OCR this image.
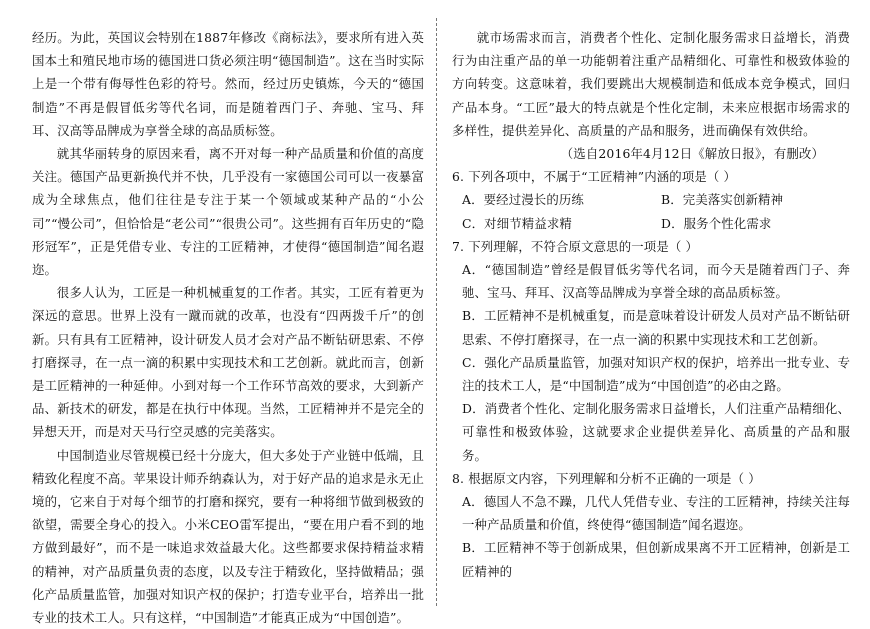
经历。为此，英国议会特别在1887年修改《商标法》，要求所有进入英国本土和殖民地市场的德国进口货必须注明“德国制造”。这在当时实际上是一个带有侮辱性色彩的符号。然而，经过历史镇炼，今天的“德国制造”不再是假冒低劣等代名词，而是随着西门子、奔驰、宝马、拜耳、汉高等品牌成为享誉全球的高品质标签。

就其华丽转身的原因来看，离不开对每一种产品质量和价值的高度关注。德国产品更新换代并不快，几乎没有一家德国公司可以一夜暴富成为全球焦点，他们往往是专注于某一个领域或某种产品的“小公司”“慢公司”，但恰恰是“老公司”“很贵公司”。这些拥有百年历史的“隐形冠军”，正是凭借专业、专注的工匠精神，才使得“德国制造”闻名遐迩。

很多人认为，工匠是一种机械重复的工作者。其实，工匠有着更为深远的意思。世界上没有一蹴而就的改革，也没有“四两拨千斤”的创新。只有具有工匠精神，设计研发人员才会对产品不断钻研思索、不停打磨探寻，在一点一滴的积累中实现技术和工艺创新。就此而言，创新是工匠精神的一种延伸。小到对每一个工作环节高效的要求，大到新产品、新技术的研发，都是在执行中体现。当然，工匠精神并不是完全的异想天开，而是对天马行空灵感的完美落实。

中国制造业尽管规模已经十分庞大，但大多处于产业链中低端，且精致化程度不高。苹果设计师乔纳森认为，对于好产品的追求是永无止境的，它来自于对每个细节的打磨和探究，要有一种将细节做到极致的欲望，需要全身心的投入。小米CEO雷军提出，“要在用户看不到的地方做到最好”，而不是一味追求效益最大化。这些都要求保持精益求精的精神，对产品质量负责的态度，以及专注于精致化，坚持做精品；强化产品质量监管，加强对知识产权的保护；打造专业平台，培养出一批专业的技术工人。只有这样，“中国制造”才能真正成为“中国创造”。

就市场需求而言，消费者个性化、定制化服务需求日益增长，消费行为由注重产品的单一功能朝着注重产品精细化、可靠性和极致体验的方向转变。这意味着，我们要跳出大规模制造和低成本竞争模式，回归产品本身。“工匠”最大的特点就是个性化定制，未来应根据市场需求的多样性，提供差异化、高质量的产品和服务，进而确保有效供给。

（选自2016年4月12日《解放日报》，有删改）

6. 下列各项中，不属于“工匠精神”内涵的项是（ ）

A．要经过漫长的历练	B．完美落实创新精神
C．对细节精益求精	D．服务个性化需求

7. 下列理解，不符合原文意思的一项是（ ）

A．“德国制造”曾经是假冒低劣等代名词，而今天是随着西门子、奔驰、宝马、拜耳、汉高等品牌成为享誉全球的高品质标签。

B．工匠精神不是机械重复，而是意味着设计研发人员对产品不断钻研思索、不停打磨探寻，在一点一滴的积累中实现技术和工艺创新。

C．强化产品质量监管，加强对知识产权的保护，培养出一批专业、专注的技术工人，是“中国制造”成为“中国创造”的必由之路。

D．消费者个性化、定制化服务需求日益增长，人们注重产品精细化、可靠性和极致体验，这就要求企业提供差异化、高质量的产品和服务。

8. 根据原文内容，下列理解和分析不正确的一项是（ ）

A．德国人不急不躁，几代人凭借专业、专注的工匠精神，持续关注每一种产品质量和价值，终使得“德国制造”闻名遐迩。

B．工匠精神不等于创新成果，但创新成果离不开工匠精神，创新是工匠精神的
